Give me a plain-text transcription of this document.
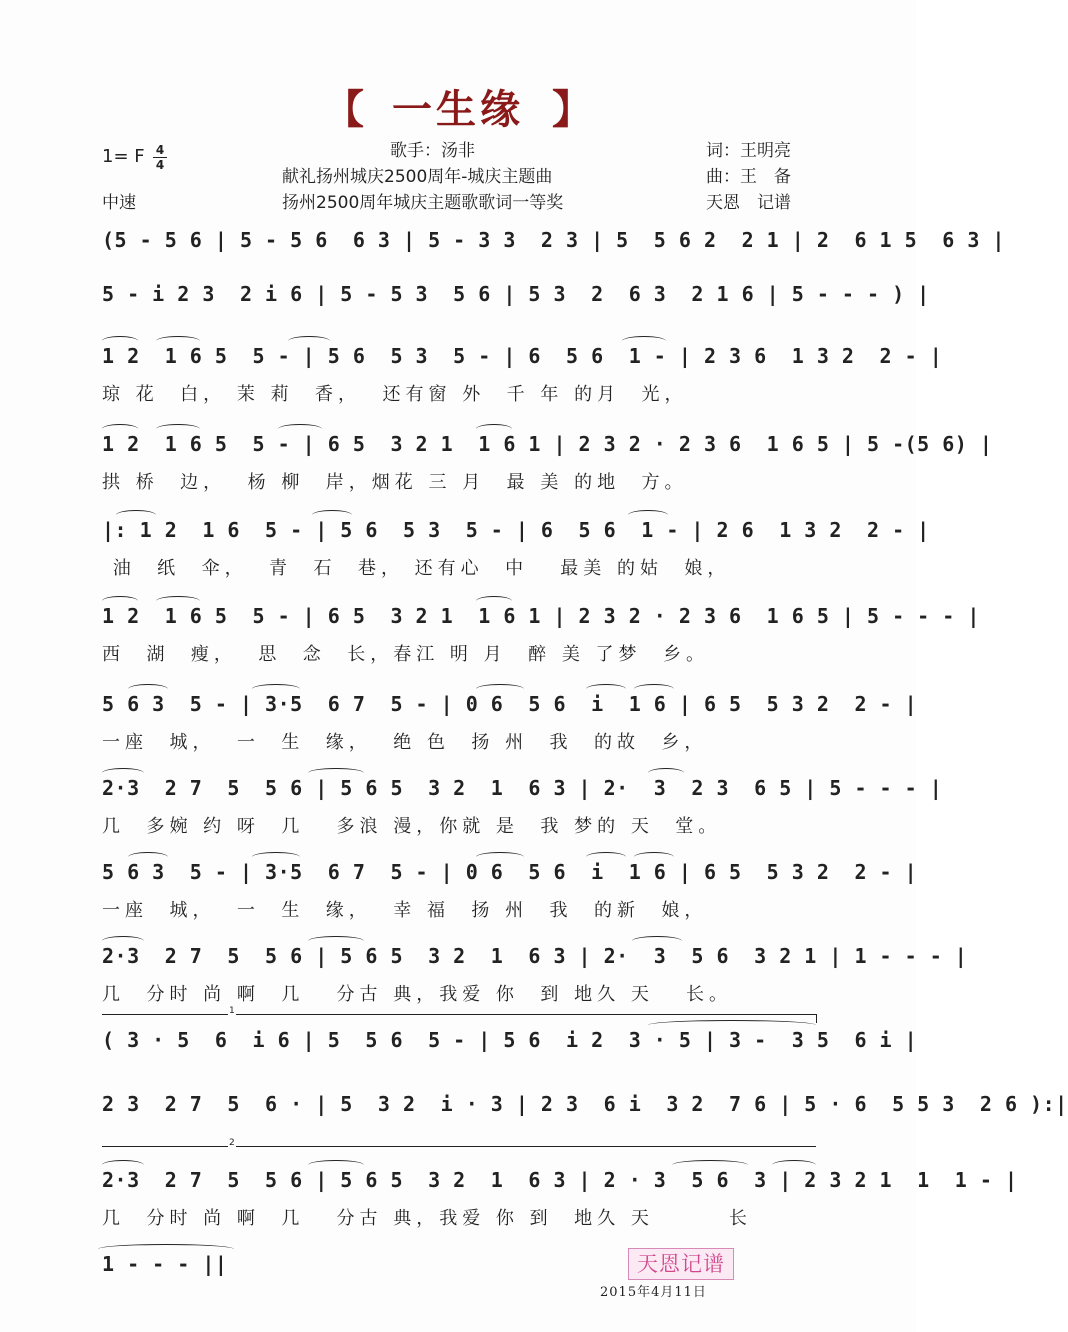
【 一生缘 】
1= F 4
4
中速
歌手：汤非
献礼扬州城庆2500周年-城庆主题曲
扬州2500周年城庆主题歌歌词一等奖
词：王明亮
曲：王　备
天恩　记谱
(5 - 5 6 | 5 - 5 6  6 3 | 5 - 3 3  2 3 | 5  5 6 2  2 1 | 2  6 1 5  6 3 |
5 - i 2 3  2 i 6 | 5 - 5 3  5 6 | 5 3  2  6 3  2 1 6 | 5 - - - ) |
1 2  1 6 5  5 - | 5 6  5 3  5 - | 6  5 6  1 - | 2 3 6  1 3 2  2 - |
琼 花  白， 茉 莉  香，  还有窗 外  千 年 的月  光，
1 2  1 6 5  5 - | 6 5  3 2 1  1 6 1 | 2 3 2 · 2 3 6  1 6 5 | 5 -(5 6) |
拱 桥  边，  杨 柳  岸，烟花 三 月  最 美 的地  方。
|: 1 2  1 6  5 - | 5 6  5 3  5 - | 6  5 6  1 - | 2 6  1 3 2  2 - |
油  纸  伞，  青  石  巷， 还有心  中   最美 的姑  娘，
1 2  1 6 5  5 - | 6 5  3 2 1  1 6 1 | 2 3 2 · 2 3 6  1 6 5 | 5 - - - |
西  湖  瘦，  思  念  长，春江 明 月  醉 美 了梦  乡。
5 6 3  5 - | 3·5  6 7  5 - | 0 6  5 6  i  1 6 | 6 5  5 3 2  2 - |
一座  城，  一  生  缘，  绝 色  扬 州  我  的故  乡，
2·3  2 7  5  5 6 | 5 6 5  3 2  1  6 3 | 2·  3  2 3  6 5 | 5 - - - |
几  多婉 约 呀  几   多浪 漫，你就 是  我 梦的 天  堂。
5 6 3  5 - | 3·5  6 7  5 - | 0 6  5 6  i  1 6 | 6 5  5 3 2  2 - |
一座  城，  一  生  缘，  幸 福  扬 州  我  的新  娘，
2·3  2 7  5  5 6 | 5 6 5  3 2  1  6 3 | 2·  3  5 6  3 2 1 | 1 - - - |
几  分时 尚 啊  几   分古 典，我爱 你  到 地久 天   长。
1
( 3 · 5  6  i 6 | 5  5 6  5 - | 5 6  i 2  3 · 5 | 3 -  3 5  6 i |
2 3  2 7  5  6 · | 5  3 2  i · 3 | 2 3  6 i  3 2  7 6 | 5 · 6  5 5 3  2 6 ):|
2
2·3  2 7  5  5 6 | 5 6 5  3 2  1  6 3 | 2 · 3  5 6  3 | 2 3 2 1  1  1 - |
几  分时 尚 啊  几   分古 典，我爱 你 到  地久 天       长
1 - - - ||	天恩记谱
2015年4月11日
